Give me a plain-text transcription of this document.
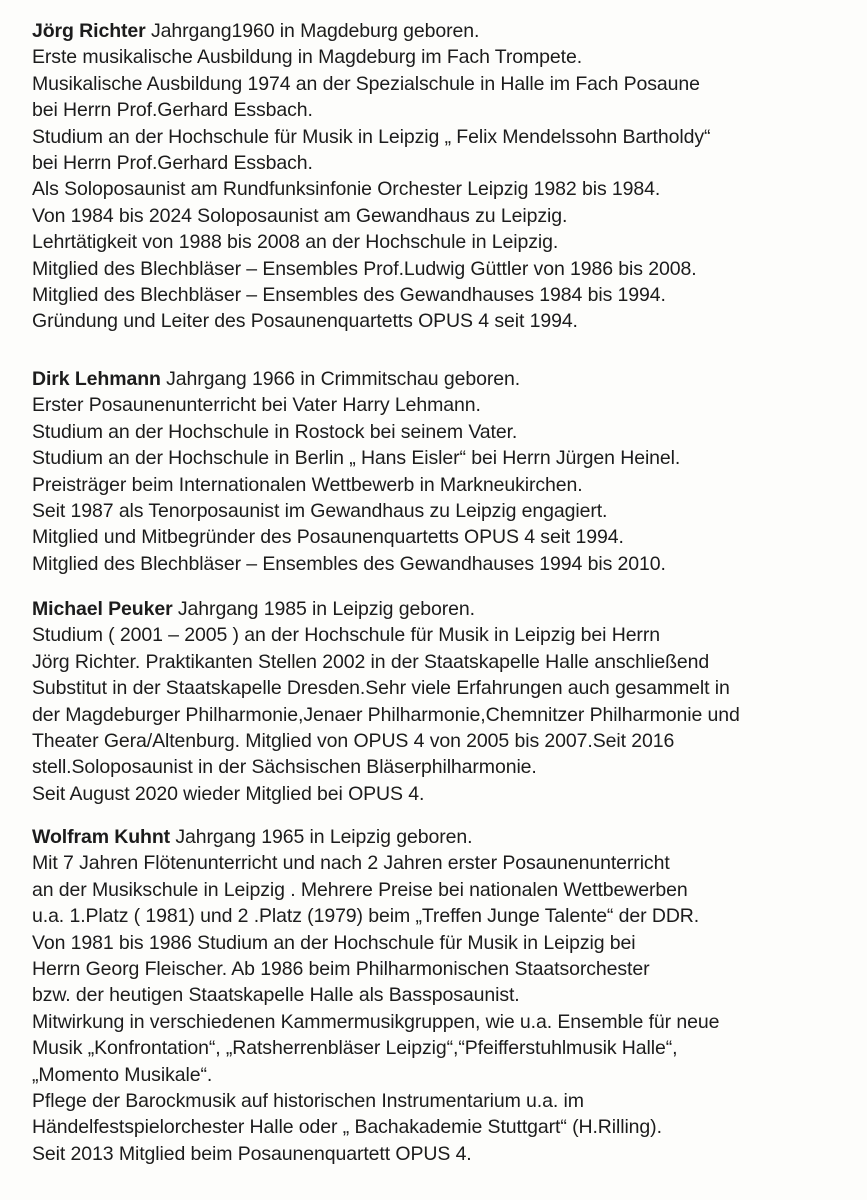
Jörg Richter Jahrgang1960 in Magdeburg geboren.
Erste musikalische Ausbildung in Magdeburg im Fach Trompete.
Musikalische Ausbildung 1974 an der Spezialschule in Halle im Fach Posaune
bei Herrn Prof.Gerhard Essbach.
Studium an der Hochschule für Musik in Leipzig „ Felix Mendelssohn Bartholdy“
bei Herrn Prof.Gerhard Essbach.
Als Soloposaunist am Rundfunksinfonie Orchester Leipzig 1982 bis 1984.
Von 1984 bis 2024 Soloposaunist am Gewandhaus zu Leipzig.
Lehrtätigkeit von 1988 bis 2008 an der Hochschule in Leipzig.
Mitglied des Blechbläser – Ensembles Prof.Ludwig Güttler von 1986 bis 2008.
Mitglied des Blechbläser – Ensembles des Gewandhauses 1984 bis 1994.
Gründung und Leiter des Posaunenquartetts OPUS 4 seit 1994.
Dirk Lehmann Jahrgang 1966 in Crimmitschau geboren.
Erster Posaunenunterricht bei Vater Harry Lehmann.
Studium an der Hochschule in Rostock bei seinem Vater.
Studium an der Hochschule in Berlin „ Hans Eisler“ bei Herrn Jürgen Heinel.
Preisträger beim Internationalen Wettbewerb in Markneukirchen.
Seit 1987 als Tenorposaunist im Gewandhaus zu Leipzig engagiert.
Mitglied und Mitbegründer des Posaunenquartetts OPUS 4 seit 1994.
Mitglied des Blechbläser – Ensembles des Gewandhauses 1994 bis 2010.
Michael Peuker Jahrgang 1985 in Leipzig geboren.
Studium ( 2001 – 2005 ) an der Hochschule für Musik in Leipzig bei Herrn
Jörg Richter. Praktikanten Stellen 2002 in der Staatskapelle Halle anschließend
Substitut in der Staatskapelle Dresden.Sehr viele Erfahrungen auch gesammelt in
der Magdeburger Philharmonie,Jenaer Philharmonie,Chemnitzer Philharmonie und
Theater Gera/Altenburg. Mitglied von OPUS 4 von 2005 bis 2007.Seit 2016
stell.Soloposaunist in der Sächsischen Bläserphilharmonie.
Seit August 2020 wieder Mitglied bei OPUS 4.
Wolfram Kuhnt Jahrgang 1965 in Leipzig geboren.
Mit 7 Jahren Flötenunterricht und nach 2 Jahren erster Posaunenunterricht
an der Musikschule in Leipzig . Mehrere Preise bei nationalen Wettbewerben
u.a. 1.Platz ( 1981) und 2 .Platz (1979) beim „Treffen Junge Talente“ der DDR.
Von 1981 bis 1986 Studium an der Hochschule für Musik in Leipzig bei
Herrn Georg Fleischer. Ab 1986 beim Philharmonischen Staatsorchester
bzw. der heutigen Staatskapelle Halle als Bassposaunist.
Mitwirkung in verschiedenen Kammermusikgruppen, wie u.a. Ensemble für neue
Musik „Konfrontation“, „Ratsherrenbläser Leipzig“,“Pfeifferstuhlmusik Halle“,
„Momento Musikale“.
Pflege der Barockmusik auf historischen Instrumentarium u.a. im
Händelfestspielorchester Halle oder „ Bachakademie Stuttgart“ (H.Rilling).
Seit 2013 Mitglied beim Posaunenquartett OPUS 4.
